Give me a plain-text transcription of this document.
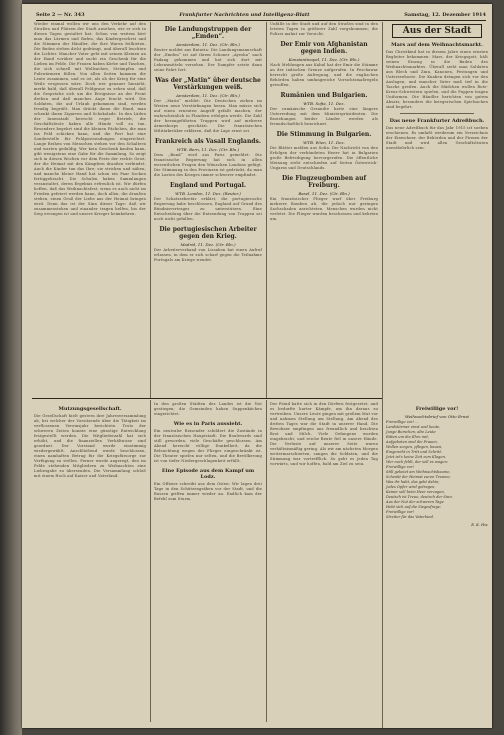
Seite 2 — Nr. 343	Frankfurter Nachrichten und Intelligenz-Blatt	Samstag, 12. Dezember 1914
Wieder einmal wollen wir uns den Verkehr auf den Straßen und Plätzen der Stadt ansehen, wie er sich in diesen Tagen gestaltet hat. Schon von weitem hört man das Lärmen und Rufen, das Kindergeschrei und die Stimmen der Händler, die ihre Waren feilbieten. Die Buden stehen dicht gedrängt, und überall leuchten die Lichter. Mancher Vater geht mit seinen Kleinen an der Hand vorüber und sucht ein Geschenk für die Lieben im Felde. Die Frauen haben Körbe und Taschen, die sich schnell mit Wollsachen, Strümpfen und Pulswärmern füllen. Von allen Seiten kommen die Leute zusammen, und es ist, als ob der Krieg für eine Weile vergessen wäre. Doch wer genauer hinsieht, merkt bald, daß überall Feldgraue zu sehen sind, daß die Gespräche sich um die Ereignisse an der Front drehen und daß manches Auge feucht wird. Die Soldaten, die auf Urlaub gekommen sind, werden freudig begrüßt. Man drückt ihnen die Hand, man schenkt ihnen Zigarren und Schokolade. In den Läden der Innenstadt herrscht reger Betrieb; die Geschäftsleute haben alle Hände voll zu tun. Besonders begehrt sind die kleinen Päckchen, die man ins Feld schicken kann, und die Post hat eine Sonderstelle für Feldpostsendungen eingerichtet. Lange Reihen von Menschen stehen vor den Schaltern und warten geduldig. Wer kein Geschenk kaufen kann, gibt wenigstens eine Gabe für die Sammlung. So zeigt sich in diesen Wochen vor dem Feste der rechte Geist, der die Heimat mit den Kämpfern draußen verbindet. Auch die Kinder tun das Ihre; sie stricken und nähen, und manche kleine Hand hat schon ein Paar Socken fertiggebracht. Die Schulen haben Sammlungen veranstaltet, deren Ergebnis erfreulich ist. Wir dürfen hoffen, daß das Weihnachtsfest, wenn es auch nicht im Frieden gefeiert werden kann, doch allen, die draußen stehen, einen Gruß der Liebe aus der Heimat bringen wird. Denn das ist der Sinn dieser Tage: daß wir zusammenstehen und einander tragen helfen, bis der Sieg errungen ist und unsere Krieger heimkehren.
Die Landungstruppen der „Emden“.
Amsterdam, 11. Dez. (Ctr. Bln.)
Reuter meldet aus Batavia: Die Landungsmannschaft der „Emden“ ist auf ihrem Schoner „Ayesha“ nach Padang gekommen und hat sich dort mit Lebensmitteln versehen. Der Dampfer setzte dann seine Fahrt fort.
Was der „Matin“ über deutsche Verstärkungen weiß.
Amsterdam, 11. Dez. (Ctr. Bln.)
Der „Matin“ meldet: Die Deutschen ziehen im Westen neue Verstärkungen heran. Man müsse sich auf einen erneuten Angriff gefaßt machen, der wahrscheinlich in Flandern erfolgen werde. Die Zahl der herangeführten Truppen wird auf mehrere Armeekorps geschätzt. Die französischen Militärkritiker erklären, daß die Lage ernst sei.
Frankreich als Vasall Englands.
WTB. Bern, 11. Dez. (Ctr. Bln.)
Dem „Bund“ wird aus Paris gemeldet: Die französische Regierung hat sich in allen wesentlichen Fragen den Wünschen Londons gefügt. Die Stimmung in den Provinzen ist gedrückt, da man die Lasten des Krieges immer schwerer empfindet.
England und Portugal.
WTB. London, 11. Dez. (Reuter.)
Der Schatzsekretär erklärt, die portugiesische Regierung habe beschlossen, England auf Grund des Bündnisvertrages zu unterstützen. Eine Entscheidung über die Entsendung von Truppen sei noch nicht gefallen.
Die portugiesischen Arbeiter gegen den Krieg.
Madrid, 11. Dez. (Ctr. Bln.)
Der Arbeiterverband von Lissabon hat einen Aufruf erlassen, in dem er sich scharf gegen die Teilnahme Portugals am Kriege wendet.
Unfälle in der Stadt und auf den Straßen sind in den letzten Tagen in größerer Zahl vorgekommen; die Polizei mahnt zur Vorsicht.
Der Emir von Afghanistan gegen Indien.
Konstantinopel, 11. Dez. (Ctr. Bln.)
Nach Meldungen aus Kabul hat der Emir die Stämme an der indischen Grenze aufgerufen. In Peschawar herrscht große Aufregung, und die englischen Behörden haben umfangreiche Vorsichtsmaßregeln getroffen.
Rumänien und Bulgarien.
WTB. Sofia, 11. Dez.
Der rumänische Gesandte hatte eine längere Unterredung mit dem Ministerpräsidenten. Die Beziehungen beider Länder werden als freundschaftlich bezeichnet.
Die Stimmung in Bulgarien.
WTB. Wien, 11. Dez.
Die Blätter melden aus Sofia: Die Nachricht von den Erfolgen der verbündeten Heere hat in Bulgarien große Befriedigung hervorgerufen. Die öffentliche Meinung steht entschieden auf Seiten Österreich-Ungarns und Deutschlands.
Die Flugzeugbomben auf Freiburg.
Basel, 11. Dez. (Ctr. Bln.)
Ein französischer Flieger warf über Freiburg mehrere Bomben ab, die jedoch nur geringen Sachschaden anrichteten. Menschen wurden nicht verletzt. Die Flieger wurden beschossen und kehrten um.
Aus der Stadt
Mars auf dem Weihnachtsmarkt.
Das Christkind hat in diesem Jahre einen ernsten Begleiter bekommen: Mars, der Kriegsgott, hält seinen Einzug in die Buden des Weihnachtsmarktes. Überall sieht man Soldaten aus Blech und Zinn, Kanonen, Festungen und Unterseeboote. Die Knaben drängen sich vor den Auslagen, und mancher Vater muß tief in die Tasche greifen. Auch die Mädchen wollen Rote-Kreuz-Schwestern spielen, und die Puppen tragen Uniformen. Die Händler berichten von gutem Absatz, besonders die kriegerischen Spielsachen sind begehrt.
Das neue Frankfurter Adreßbuch.
Das neue Adreßbuch für das Jahr 1915 ist soeben erschienen. Es umfaßt wiederum ein Verzeichnis der Einwohner, der Behörden und der Firmen der Stadt und wird allen Geschäftsleuten unentbehrlich sein.
Mutzungsgesellschaft.
Die Gesellschaft hielt gestern ihre Jahresversammlung ab, bei welcher der Vorsitzende über die Tätigkeit im verflossenen Vereinsjahr berichtete. Trotz der schweren Zeiten konnte eine günstige Entwicklung festgestellt werden. Die Mitgliederzahl hat sich erhöht, und die finanziellen Verhältnisse sind geordnet. Der Vorstand wurde einstimmig wiedergewählt. Anschließend wurde beschlossen, einen namhaften Betrag für die Kriegsfürsorge zur Verfügung zu stellen. Ferner wurde angeregt, den im Felde stehenden Mitgliedern zu Weihnachten eine Liebesgabe zu übersenden. Die Versammlung schloß mit einem Hoch auf Kaiser und Vaterland.
In den großen Städten des Landes ist die Not gestiegen; die Gemeinden haben Suppenküchen eingerichtet.
Wie es in Paris aussieht.
Ein neutraler Reisender schildert die Zustände in der französischen Hauptstadt: Die Boulevards sind still geworden, viele Geschäfte geschlossen. Am Abend herrscht völlige Dunkelheit, da die Beleuchtung wegen der Flieger eingeschränkt ist. Die Theater spielen nur selten, und die Bevölkerung ist von tiefer Niedergeschlagenheit erfüllt.
Eine Episode aus dem Kampf um Lodz.
Ein Offizier schreibt aus dem Osten: Wir lagen drei Tage in den Schützengräben vor der Stadt, und die Russen griffen immer wieder an. Endlich kam der Befehl zum Sturm.
Der Feind hatte sich in den Dörfern festgesetzt, und es bedurfte harter Kämpfe, um ihn daraus zu vertreiben. Unsere Leute gingen mit großem Mut vor und nahmen Stellung um Stellung. Am Abend des dritten Tages war die Stadt in unserer Hand. Die Bewohner empfingen uns freundlich und brachten Brot und Milch. Viele Gefangene wurden eingebracht, und reiche Beute fiel in unsere Hände. Die Verluste auf unserer Seite waren verhältnismäßig gering. Als wir am nächsten Morgen weitermarschierten, sangen die Soldaten, und die Stimmung war vortrefflich. So geht es jeden Tag vorwärts, und wir hoffen, bald am Ziel zu sein.
Freiwillige vor!
Weihnachtsbrief von Otto Ernst
Freiwillige vor! ...
Landstürmer einst und heute,
Junge Burschen, alte Leute
Bitten um die Ehre mit;
Aufgeboten sind die Frauen,
Wollen sorgen, pflegen, bauen,
Eingereiht in Tritt und Schritt.
Jetzt ist's keine Zeit zum Klagen,
Wer noch fehlt, der soll es wagen:
Freiwillige vor!
Still gekniet am Weihnachtsbaume,
Schenkt der Heimat euren Traume,
Was ihr habt, das gebt dahin;
Jedes Opfer wird getragen,
Keiner soll beim Heer verzagen,
Deutsch ist Treue, deutsch der Sinn.
Aus der Not der schweren Tage
Hebt sich auf die Siegesfrage:
Freiwillige vor!
Streiter für das Vaterland.
E. K. Hw.
